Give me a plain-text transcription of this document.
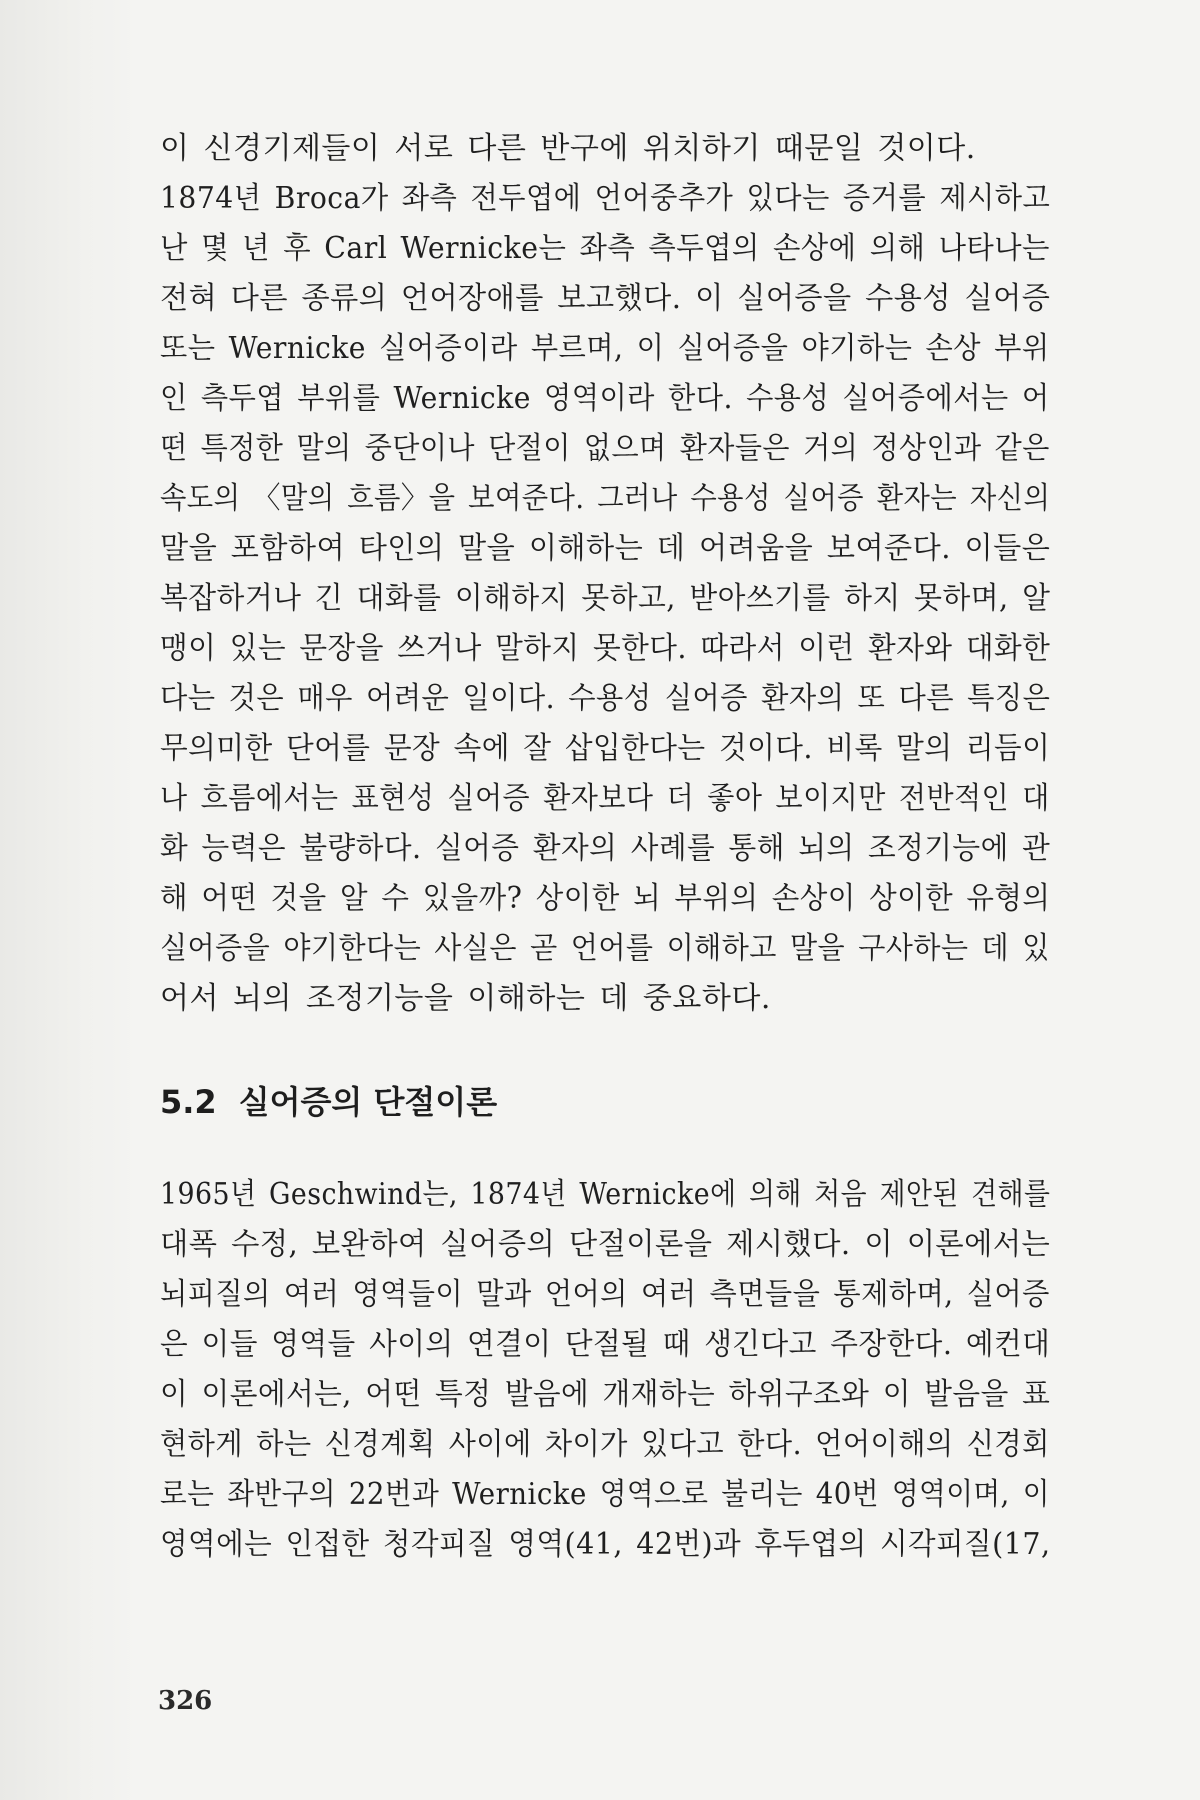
이 신경기제들이 서로 다른 반구에 위치하기 때문일 것이다.
1874년 Broca가 좌측 전두엽에 언어중추가 있다는 증거를 제시하고
난 몇 년 후 Carl Wernicke는 좌측 측두엽의 손상에 의해 나타나는
전혀 다른 종류의 언어장애를 보고했다. 이 실어증을 수용성 실어증
또는 Wernicke 실어증이라 부르며, 이 실어증을 야기하는 손상 부위
인 측두엽 부위를 Wernicke 영역이라 한다. 수용성 실어증에서는 어
떤 특정한 말의 중단이나 단절이 없으며 환자들은 거의 정상인과 같은
속도의 〈말의 흐름〉을 보여준다. 그러나 수용성 실어증 환자는 자신의
말을 포함하여 타인의 말을 이해하는 데 어려움을 보여준다. 이들은
복잡하거나 긴 대화를 이해하지 못하고, 받아쓰기를 하지 못하며, 알
맹이 있는 문장을 쓰거나 말하지 못한다. 따라서 이런 환자와 대화한
다는 것은 매우 어려운 일이다. 수용성 실어증 환자의 또 다른 특징은
무의미한 단어를 문장 속에 잘 삽입한다는 것이다. 비록 말의 리듬이
나 흐름에서는 표현성 실어증 환자보다 더 좋아 보이지만 전반적인 대
화 능력은 불량하다. 실어증 환자의 사례를 통해 뇌의 조정기능에 관
해 어떤 것을 알 수 있을까? 상이한 뇌 부위의 손상이 상이한 유형의
실어증을 야기한다는 사실은 곧 언어를 이해하고 말을 구사하는 데 있
어서 뇌의 조정기능을 이해하는 데 중요하다.

5.2 실어증의 단절이론

1965년 Geschwind는, 1874년 Wernicke에 의해 처음 제안된 견해를
대폭 수정, 보완하여 실어증의 단절이론을 제시했다. 이 이론에서는
뇌피질의 여러 영역들이 말과 언어의 여러 측면들을 통제하며, 실어증
은 이들 영역들 사이의 연결이 단절될 때 생긴다고 주장한다. 예컨대
이 이론에서는, 어떤 특정 발음에 개재하는 하위구조와 이 발음을 표
현하게 하는 신경계획 사이에 차이가 있다고 한다. 언어이해의 신경회
로는 좌반구의 22번과 Wernicke 영역으로 불리는 40번 영역이며, 이
영역에는 인접한 청각피질 영역(41, 42번)과 후두엽의 시각피질(17,

326
